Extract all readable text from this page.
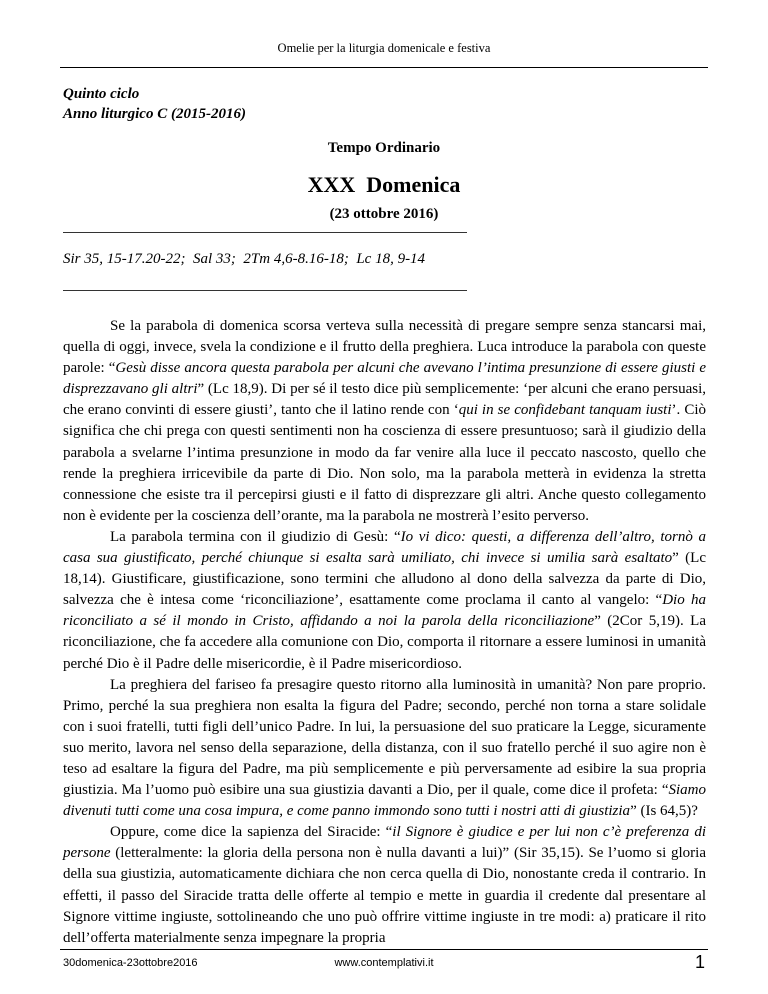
Omelie per la liturgia domenicale e festiva
Quinto ciclo
Anno liturgico C (2015-2016)
Tempo Ordinario
XXX  Domenica
(23 ottobre 2016)
Sir 35, 15-17.20-22;  Sal 33;  2Tm 4,6-8.16-18;  Lc 18, 9-14

Se la parabola di domenica scorsa verteva sulla necessità di pregare sempre senza stancarsi mai, quella di oggi, invece, svela la condizione e il frutto della preghiera. Luca introduce la parabola con queste parole: “Gesù disse ancora questa parabola per alcuni che avevano l’intima presunzione di essere giusti e disprezzavano gli altri” (Lc 18,9). Di per sé il testo dice più semplicemente: ‘per alcuni che erano persuasi, che erano convinti di essere giusti’, tanto che il latino rende con ‘qui in se confidebant tanquam iusti’. Ciò significa che chi prega con questi sentimenti non ha coscienza di essere presuntuoso; sarà il giudizio della parabola a svelarne l’intima presunzione in modo da far venire alla luce il peccato nascosto, quello che rende la preghiera irricevibile da parte di Dio. Non solo, ma la parabola metterà in evidenza la stretta connessione che esiste tra il percepirsi giusti e il fatto di disprezzare gli altri. Anche questo collegamento non è evidente per la coscienza dell’orante, ma la parabola ne mostrerà l’esito perverso.

La parabola termina con il giudizio di Gesù: “Io vi dico: questi, a differenza dell’altro, tornò a casa sua giustificato, perché chiunque si esalta sarà umiliato, chi invece si umilia sarà esaltato” (Lc 18,14). Giustificare, giustificazione, sono termini che alludono al dono della salvezza da parte di Dio, salvezza che è intesa come ‘riconciliazione’, esattamente come proclama il canto al vangelo: “Dio ha riconciliato a sé il mondo in Cristo, affidando a noi la parola della riconciliazione” (2Cor 5,19). La riconciliazione, che fa accedere alla comunione con Dio, comporta il ritornare a essere luminosi in umanità perché Dio è il Padre delle misericordie, è il Padre misericordioso.

La preghiera del fariseo fa presagire questo ritorno alla luminosità in umanità? Non pare proprio. Primo, perché la sua preghiera non esalta la figura del Padre; secondo, perché non torna a stare solidale con i suoi fratelli, tutti figli dell’unico Padre. In lui, la persuasione del suo praticare la Legge, sicuramente suo merito, lavora nel senso della separazione, della distanza, con il suo fratello perché il suo agire non è teso ad esaltare la figura del Padre, ma più semplicemente e più perversamente ad esibire la sua propria giustizia. Ma l’uomo può esibire una sua giustizia davanti a Dio, per il quale, come dice il profeta: “Siamo divenuti tutti come una cosa impura, e come panno immondo sono tutti i nostri atti di giustizia” (Is 64,5)?

Oppure, come dice la sapienza del Siracide: “il Signore è giudice e per lui non c’è preferenza di persone (letteralmente: la gloria della persona non è nulla davanti a lui)” (Sir 35,15). Se l’uomo si gloria della sua giustizia, automaticamente dichiara che non cerca quella di Dio, nonostante creda il contrario. In effetti, il passo del Siracide tratta delle offerte al tempio e mette in guardia il credente dal presentare al Signore vittime ingiuste, sottolineando che uno può offrire vittime ingiuste in tre modi: a) praticare il rito dell’offerta materialmente senza impegnare la propria

30domenica-23ottobre2016	www.contemplativi.it	1
